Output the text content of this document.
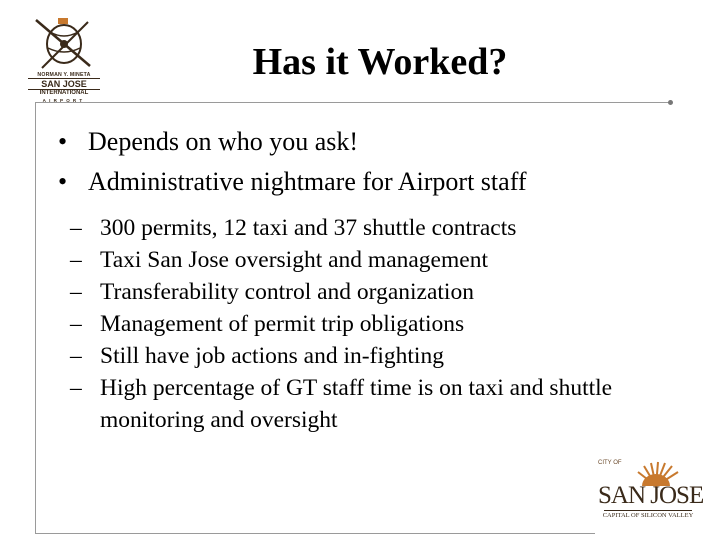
NORMAN Y. MINETA
SAN JOSE
INTERNATIONAL
AIRPORT
Has it Worked?
• Depends on who you ask!
• Administrative nightmare for Airport staff
– 300 permits, 12 taxi and 37 shuttle contracts
– Taxi San Jose oversight and management
– Transferability control and organization
– Management of permit trip obligations
– Still have job actions and in-fighting
– High percentage of GT staff time is on taxi and shuttle monitoring and oversight
CITY OF
SAN JOSE
CAPITAL OF SILICON VALLEY
